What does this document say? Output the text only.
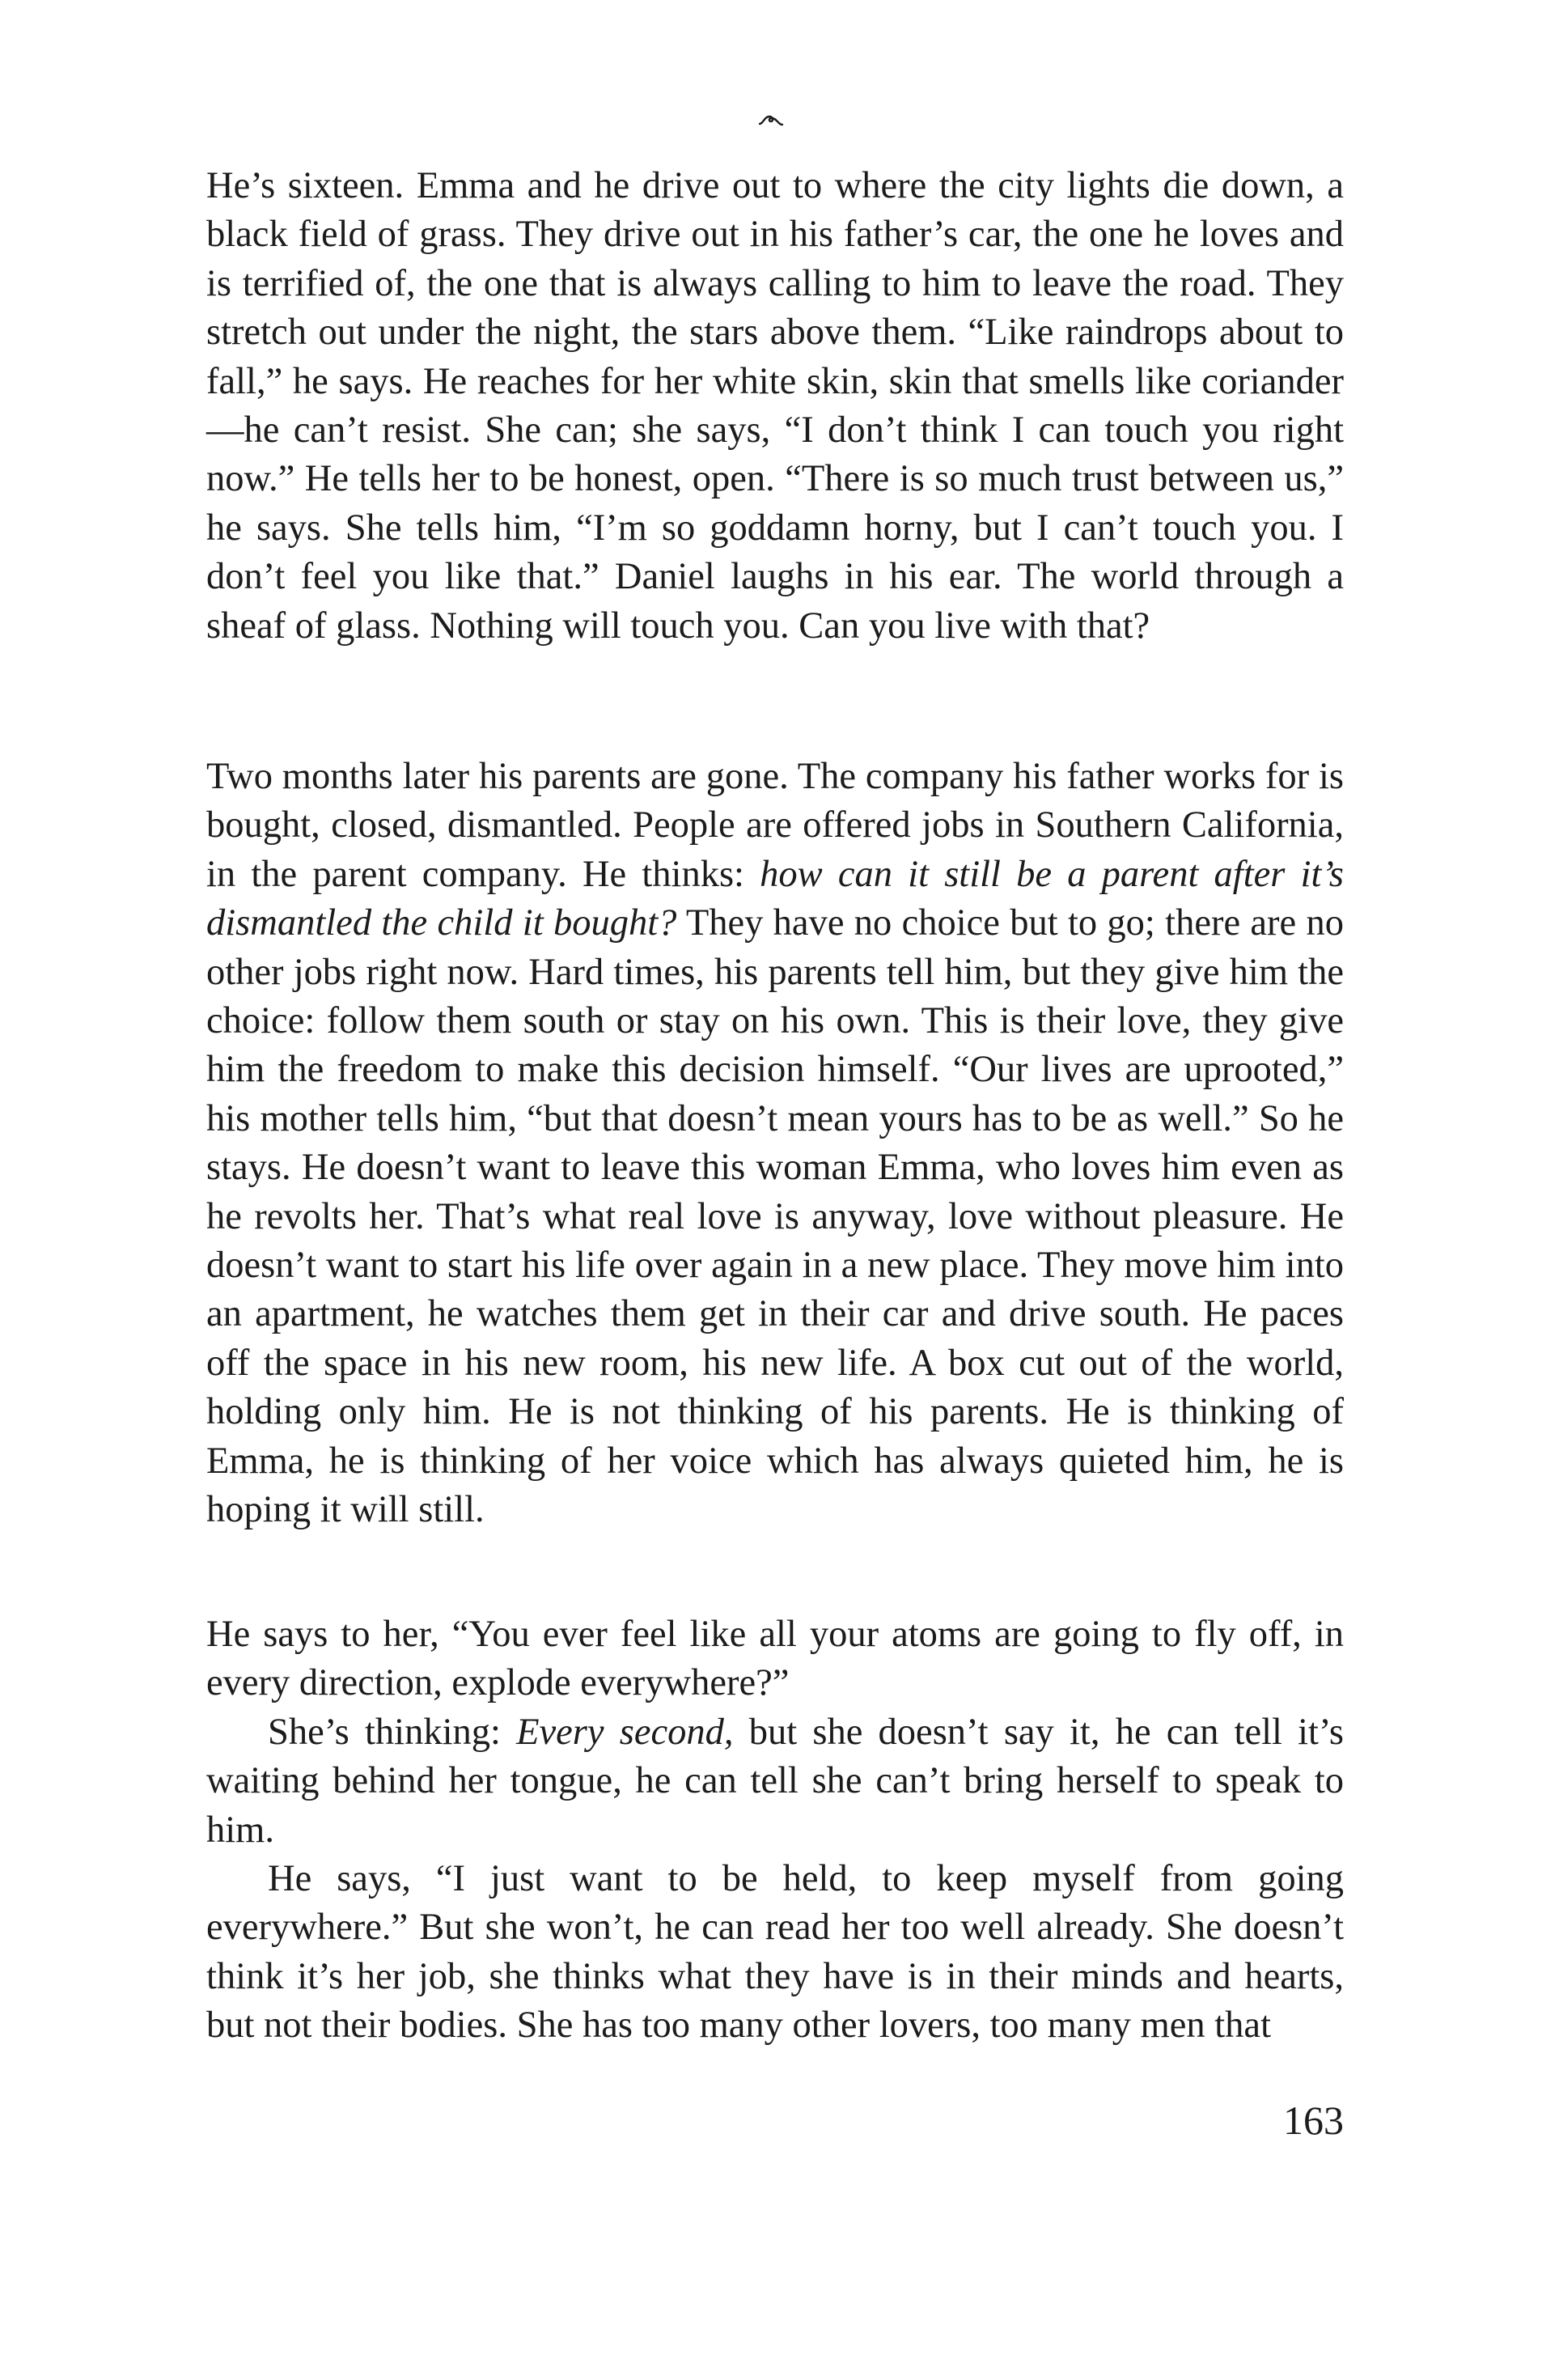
He’s sixteen. Emma and he drive out to where the city lights die down, a black field of grass. They drive out in his father’s car, the one he loves and is terrified of, the one that is always calling to him to leave the road. They stretch out under the night, the stars above them. “Like raindrops about to fall,” he says. He reaches for her white skin, skin that smells like coriander—he can’t resist. She can; she says, “I don’t think I can touch you right now.” He tells her to be honest, open. “There is so much trust between us,” he says. She tells him, “I’m so goddamn horny, but I can’t touch you. I don’t feel you like that.” Daniel laughs in his ear. The world through a sheaf of glass. Nothing will touch you. Can you live with that?

Two months later his parents are gone. The company his father works for is bought, closed, dismantled. People are offered jobs in Southern California, in the parent company. He thinks: how can it still be a parent after it’s dismantled the child it bought? They have no choice but to go; there are no other jobs right now. Hard times, his parents tell him, but they give him the choice: follow them south or stay on his own. This is their love, they give him the freedom to make this decision himself. “Our lives are uprooted,” his mother tells him, “but that doesn’t mean yours has to be as well.” So he stays. He doesn’t want to leave this woman Emma, who loves him even as he revolts her. That’s what real love is anyway, love without pleasure. He doesn’t want to start his life over again in a new place. They move him into an apartment, he watches them get in their car and drive south. He paces off the space in his new room, his new life. A box cut out of the world, holding only him. He is not thinking of his parents. He is thinking of Emma, he is thinking of her voice which has always quieted him, he is hoping it will still.

He says to her, “You ever feel like all your atoms are going to fly off, in every direction, explode everywhere?”

She’s thinking: Every second, but she doesn’t say it, he can tell it’s waiting behind her tongue, he can tell she can’t bring herself to speak to him.

He says, “I just want to be held, to keep myself from going everywhere.” But she won’t, he can read her too well already. She doesn’t think it’s her job, she thinks what they have is in their minds and hearts, but not their bodies. She has too many other lovers, too many men that

163
